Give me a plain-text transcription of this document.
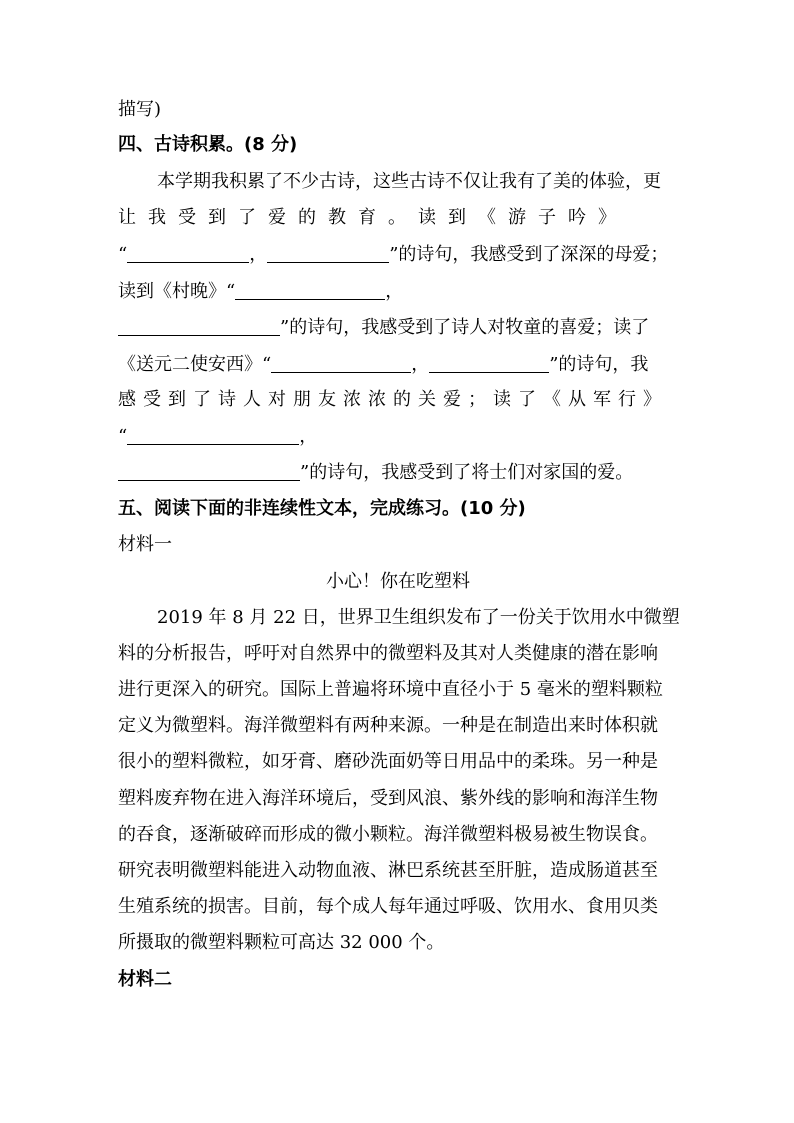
描写)
四、古诗积累。(8 分)
本学期我积累了不少古诗，这些古诗不仅让我有了美的体验，更
让我受到了爱的教育。读到《游子吟》
“	，	”的诗句，我感受到了深深的母爱；
读到《村晚》“	，
”的诗句，我感受到了诗人对牧童的喜爱；读了
《送元二使安西》“	，	”的诗句，我
感受到了诗人对朋友浓浓的关爱；读了《从军行》
“	，
”的诗句，我感受到了将士们对家国的爱。
五、阅读下面的非连续性文本，完成练习。(10 分)
材料一
小心！你在吃塑料
2019 年 8 月 22 日，世界卫生组织发布了一份关于饮用水中微塑
料的分析报告，呼吁对自然界中的微塑料及其对人类健康的潜在影响
进行更深入的研究。国际上普遍将环境中直径小于 5 毫米的塑料颗粒
定义为微塑料。海洋微塑料有两种来源。一种是在制造出来时体积就
很小的塑料微粒，如牙膏、磨砂洗面奶等日用品中的柔珠。另一种是
塑料废弃物在进入海洋环境后，受到风浪、紫外线的影响和海洋生物
的吞食，逐渐破碎而形成的微小颗粒。海洋微塑料极易被生物误食。
研究表明微塑料能进入动物血液、淋巴系统甚至肝脏，造成肠道甚至
生殖系统的损害。目前，每个成人每年通过呼吸、饮用水、食用贝类
所摄取的微塑料颗粒可高达 32 000 个。
材料二
